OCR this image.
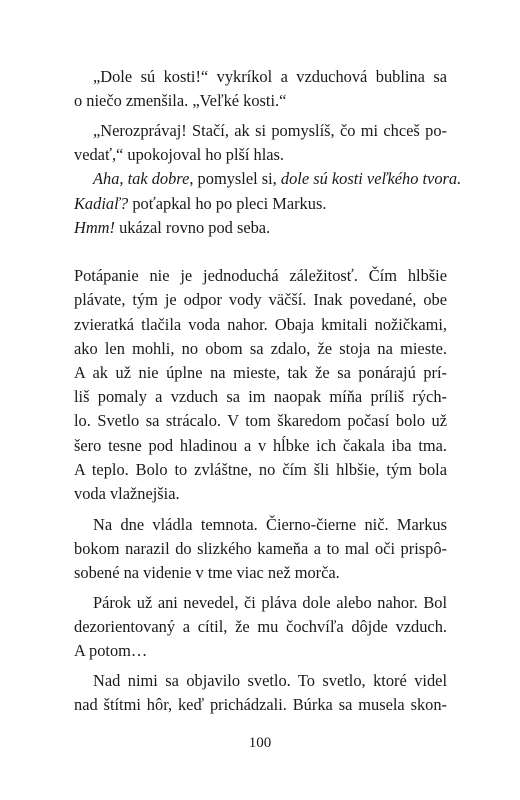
„Dole sú kosti!“ vykríkol a vzduchová bublina sa
o niečo zmenšila. „Veľké kosti.“
„Nerozprávaj! Stačí, ak si pomyslíš, čo mi chceš po-
vedať,“ upokojoval ho plší hlas.
Aha, tak dobre, pomyslel si, dole sú kosti veľkého tvora.
Kadiaľ? poťapkal ho po pleci Markus.
Hmm! ukázal rovno pod seba.
Potápanie nie je jednoduchá záležitosť. Čím hlbšie
plávate, tým je odpor vody väčší. Inak povedané, obe
zvieratká tlačila voda nahor. Obaja kmitali nožičkami,
ako len mohli, no obom sa zdalo, že stoja na mieste.
A ak už nie úplne na mieste, tak že sa ponárajú prí-
liš pomaly a vzduch sa im naopak míňa príliš rých-
lo. Svetlo sa strácalo. V tom škaredom počasí bolo už
šero tesne pod hladinou a v hĺbke ich čakala iba tma.
A teplo. Bolo to zvláštne, no čím šli hlbšie, tým bola
voda vlažnejšia.
Na dne vládla temnota. Čierno-čierne nič. Markus
bokom narazil do slizkého kameňa a to mal oči prispô-
sobené na videnie v tme viac než morča.
Párok už ani nevedel, či pláva dole alebo nahor. Bol
dezorientovaný a cítil, že mu čochvíľa dôjde vzduch.
A potom…
Nad nimi sa objavilo svetlo. To svetlo, ktoré videl
nad štítmi hôr, keď prichádzali. Búrka sa musela skon-
100
